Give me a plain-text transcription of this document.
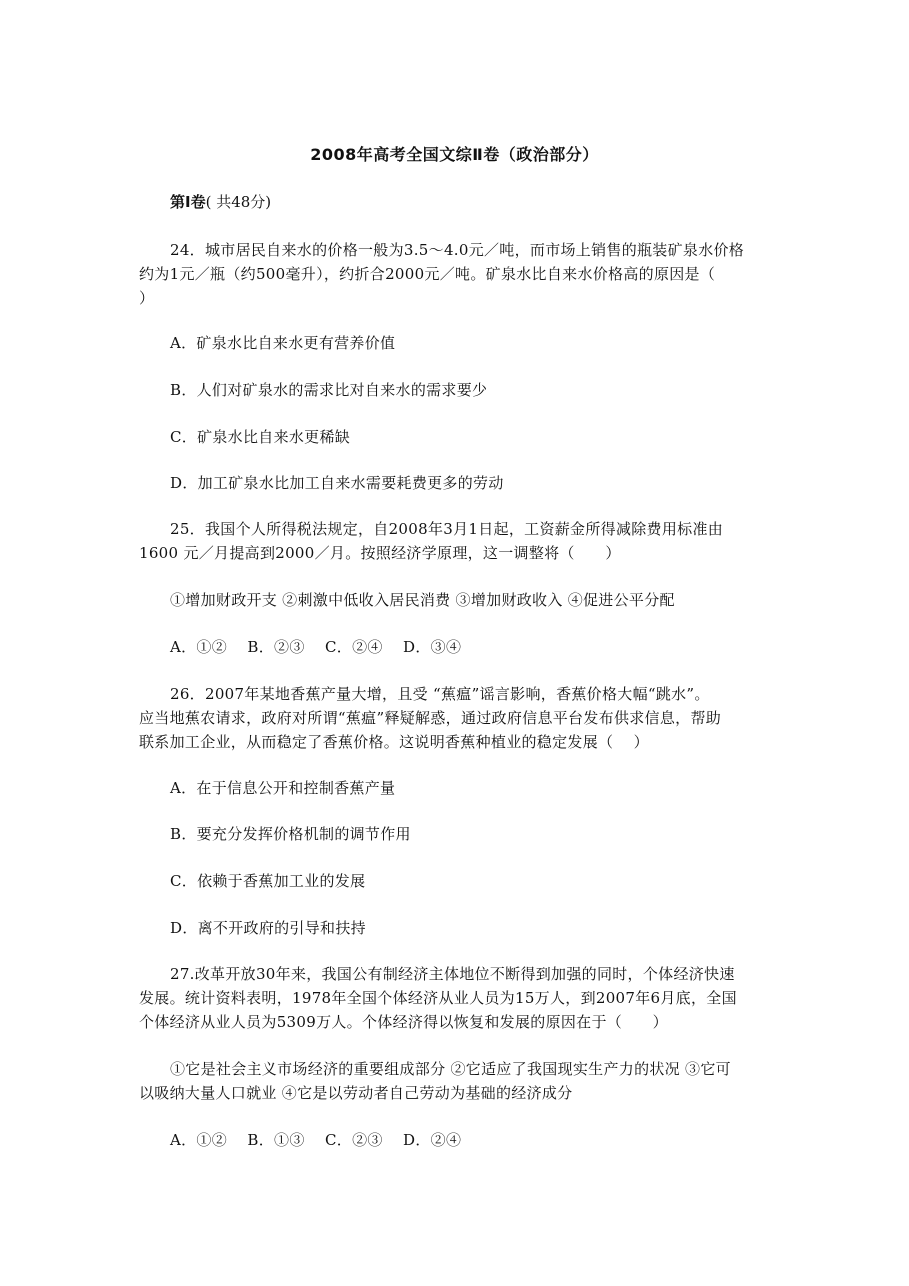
2008年高考全国文综Ⅱ卷（政治部分）
第Ⅰ卷( 共48分)
24．城市居民自来水的价格一般为3.5～4.0元／吨，而市场上销售的瓶装矿泉水价格
约为1元／瓶（约500毫升），约折合2000元／吨。矿泉水比自来水价格高的原因是（
）
A．矿泉水比自来水更有营养价值
B．人们对矿泉水的需求比对自来水的需求要少
C．矿泉水比自来水更稀缺
D．加工矿泉水比加工自来水需要耗费更多的劳动
25．我国个人所得税法规定，自2008年3月1日起，工资薪金所得减除费用标准由
1600 元／月提高到2000／月。按照经济学原理，这一调整将（　　）
①增加财政开支 ②刺激中低收入居民消费 ③增加财政收入 ④促进公平分配
A．①②　 B．②③　 C．②④　 D．③④
26．2007年某地香蕉产量大增，且受 “蕉瘟”谣言影响，香蕉价格大幅“跳水”。
应当地蕉农请求，政府对所谓“蕉瘟”释疑解惑，通过政府信息平台发布供求信息，帮助
联系加工企业，从而稳定了香蕉价格。这说明香蕉种植业的稳定发展（　 ）
A．在于信息公开和控制香蕉产量
B．要充分发挥价格机制的调节作用
C．依赖于香蕉加工业的发展
D．离不开政府的引导和扶持
27.改革开放30年来，我国公有制经济主体地位不断得到加强的同时，个体经济快速
发展。统计资料表明，1978年全国个体经济从业人员为15万人，到2007年6月底，全国
个体经济从业人员为5309万人。个体经济得以恢复和发展的原因在于（　　）
①它是社会主义市场经济的重要组成部分 ②它适应了我国现实生产力的状况 ③它可
以吸纳大量人口就业 ④它是以劳动者自己劳动为基础的经济成分
A．①②　 B．①③　 C．②③　 D．②④
